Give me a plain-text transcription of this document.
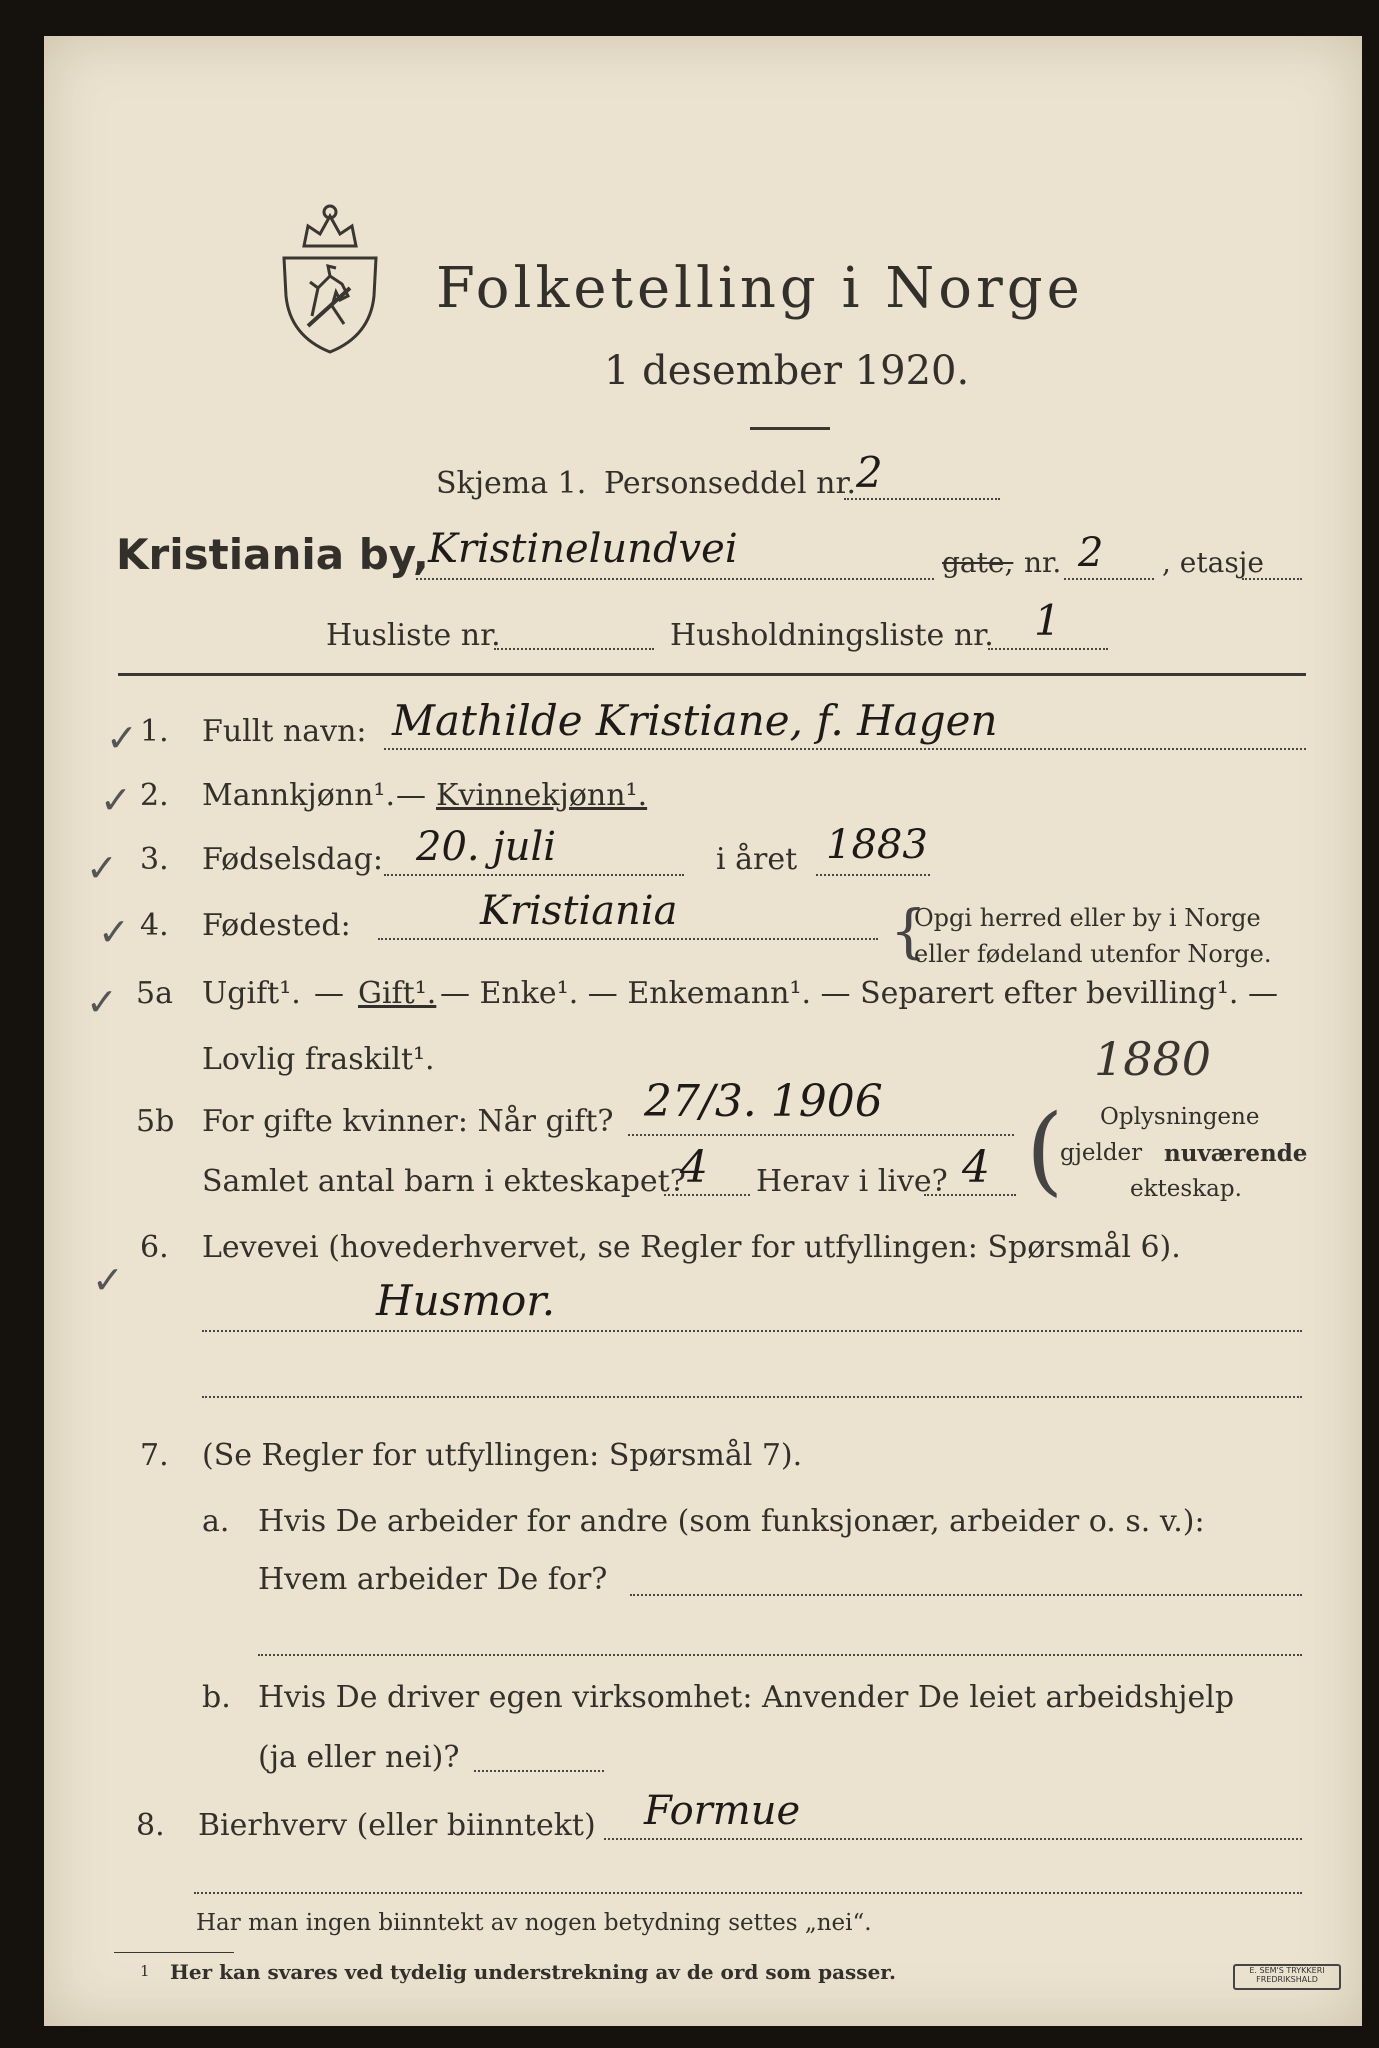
Folketelling i Norge
1 desember 1920.
Skjema 1. Personseddel nr. 2
Kristiania by, Kristinelundvei	gate, nr. 2 , etasje
Husliste nr.	Husholdningsliste nr. 1
✓
✓
✓
✓
✓
✓
1. Fullt navn: Mathilde Kristiane, f. Hagen
2. Mannkjønn¹. — Kvinnekjønn¹.
3. Fødselsdag: 20. juli	i året 1883
4. Fødested:	Kristiania	{
Opgi herred eller by i Norge
eller fødeland utenfor Norge.
5a Ugift¹. — Gift¹. — Enke¹. — Enkemann¹. — Separert efter bevilling¹. —
Lovlig fraskilt¹.
5b For gifte kvinner: Når gift? 27/3. 1906
1880
Samlet antal barn i ekteskapet?
4 Herav i live? 4 ( Oplysningene
gjelder nuværende
ekteskap.
6. Levevei (hovederhvervet, se Regler for utfyllingen: Spørsmål 6).
Husmor.
7. (Se Regler for utfyllingen: Spørsmål 7).
a. Hvis De arbeider for andre (som funksjonær, arbeider o. s. v.):
Hvem arbeider De for?
b. Hvis De driver egen virksomhet: Anvender De leiet arbeidshjelp
(ja eller nei)?
8. Bierhverv (eller biinntekt) Formue
Har man ingen biinntekt av nogen betydning settes „nei“.
1 Her kan svares ved tydelig understrekning av de ord som passer.	E. SEM'S TRYKKERI FREDRIKSHALD
